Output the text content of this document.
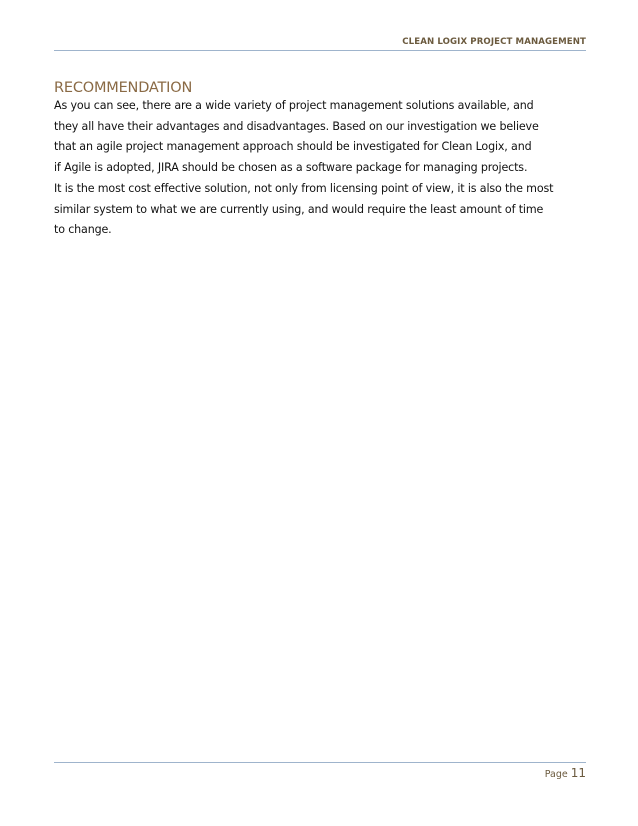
CLEAN LOGIX PROJECT MANAGEMENT
RECOMMENDATION

As you can see, there are a wide variety of project management solutions available, and
they all have their advantages and disadvantages. Based on our investigation we believe
that an agile project management approach should be investigated for Clean Logix, and
if Agile is adopted, JIRA should be chosen as a software package for managing projects.
It is the most cost effective solution, not only from licensing point of view, it is also the most
similar system to what we are currently using, and would require the least amount of time
to change.

Page 11
